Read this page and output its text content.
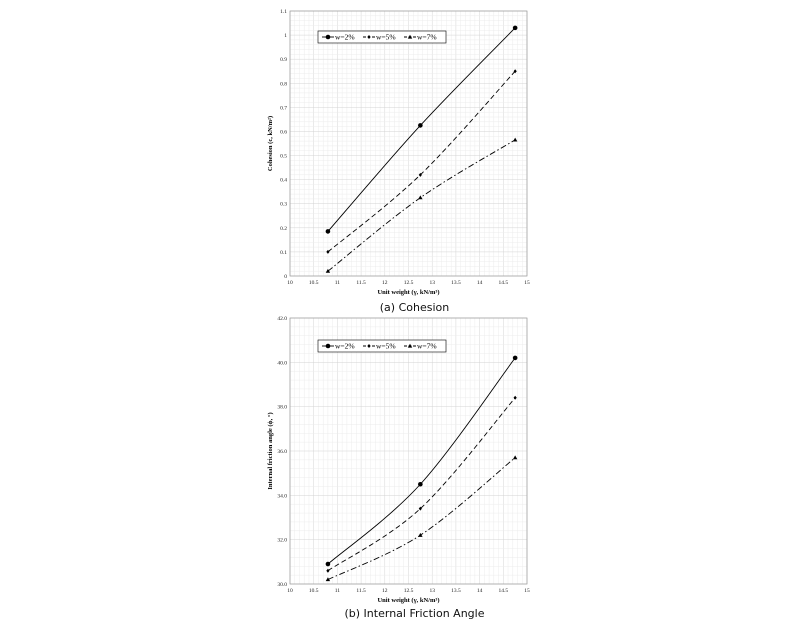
10	10.5	11	11.5	12	12.5	13	13.5	14	14.5	15
0
0.1
0.2
0.3
0.4
0.5
0.6
0.7
0.8
0.9
1
1.1
Unit weight (γ, kN/m³)
Cohesion (c, kN/m²)
w=2%	w=5%	w=7%
(a) Cohesion
10	10.5	11	11.5	12	12.5	13	13.5	14	14.5	15
30.0
32.0
34.0
36.0
38.0
40.0
42.0
Unit weight (γ, kN/m³)
Internal friction angle (ϕ, °)
w=2%	w=5%	w=7%
(b) Internal Friction Angle
